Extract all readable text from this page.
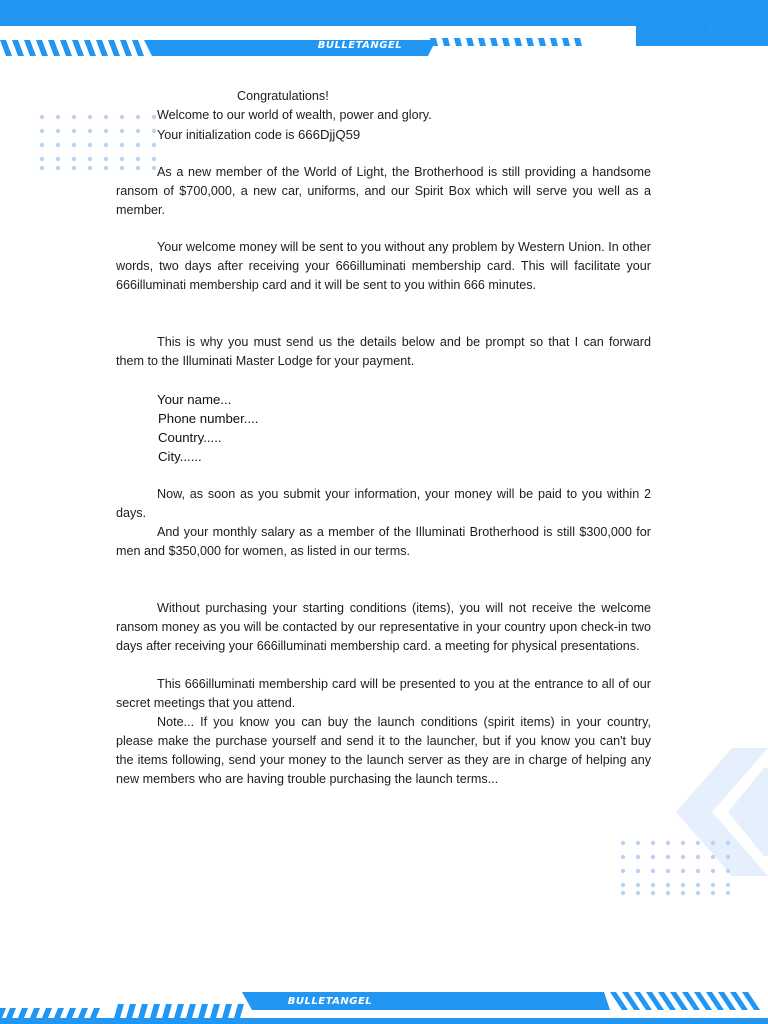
BULLETANGEL
Congratulations!
Welcome to our world of wealth, power and glory.
Your initialization code is 666DjjQ59
As a new member of the World of Light, the Brotherhood is still providing a handsome ransom of $700,000, a new car, uniforms, and our Spirit Box which will serve you well as a member.
Your welcome money will be sent to you without any problem by Western Union. In other words, two days after receiving your 666illuminati membership card. This will facilitate your 666illuminati membership card and it will be sent to you within 666 minutes.
This is why you must send us the details below and be prompt so that I can forward them to the Illuminati Master Lodge for your payment.
Your name...
Phone number....
Country.....
City......
Now, as soon as you submit your information, your money will be paid to you within 2 days.
And your monthly salary as a member of the Illuminati Brotherhood is still $300,000 for men and $350,000 for women, as listed in our terms.
Without purchasing your starting conditions (items), you will not receive the welcome ransom money as you will be contacted by our representative in your country upon check-in two days after receiving your 666illuminati membership card. a meeting for physical presentations.
This 666illuminati membership card will be presented to you at the entrance to all of our secret meetings that you attend.
Note... If you know you can buy the launch conditions (spirit items) in your country, please make the purchase yourself and send it to the launcher, but if you know you can't buy the items following, send your money to the launch server as they are in charge of helping any new members who are having trouble purchasing the launch terms...
BULLETANGEL
